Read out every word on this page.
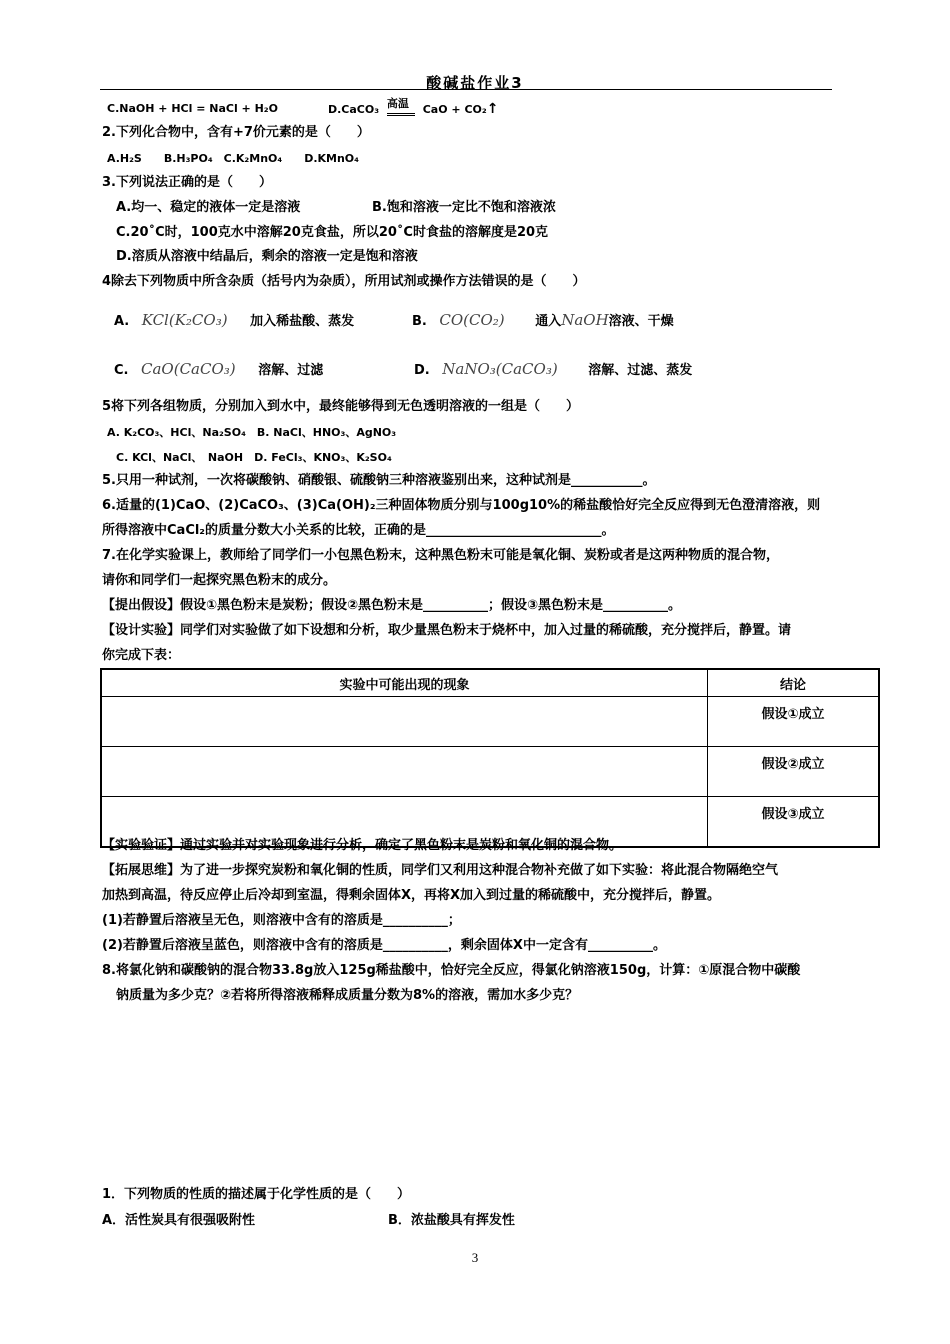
酸碱盐作业3
C.NaOH + HCl = NaCl + H₂O	D.CaCO₃ 高温 CaO + CO₂↑
2.下列化合物中，含有+7价元素的是（　　）
A.H₂S　　B.H₃PO₄　C.K₂MnO₄　　D.KMnO₄
3.下列说法正确的是（　　）
A.均一、稳定的液体一定是溶液	B.饱和溶液一定比不饱和溶液浓
C.20˚C时，100克水中溶解20克食盐，所以20˚C时食盐的溶解度是20克
D.溶质从溶液中结晶后，剩余的溶液一定是饱和溶液
4除去下列物质中所含杂质（括号内为杂质），所用试剂或操作方法错误的是（　　）
A. KCl(K₂CO₃) 加入稀盐酸、蒸发	B. CO(CO₂) 通入NaOH溶液、干燥
C. CaO(CaCO₃) 溶解、过滤	D. NaNO₃(CaCO₃) 溶解、过滤、蒸发
5将下列各组物质，分别加入到水中，最终能够得到无色透明溶液的一组是（　　）
A. K₂CO₃、HCl、Na₂SO₄　B. NaCl、HNO₃、AgNO₃
C. KCl、NaCl、　NaOH　D. FeCl₃、KNO₃、K₂SO₄
5.只用一种试剂，一次将碳酸钠、硝酸银、硫酸钠三种溶液鉴别出来，这种试剂是___________。
6.适量的(1)CaO、(2)CaCO₃、(3)Ca(OH)₂三种固体物质分别与100g10%的稀盐酸恰好完全反应得到无色澄清溶液，则
所得溶液中CaCl₂的质量分数大小关系的比较，正确的是___________________________。
7.在化学实验课上，教师给了同学们一小包黑色粉末，这种黑色粉末可能是氧化铜、炭粉或者是这两种物质的混合物，
请你和同学们一起探究黑色粉末的成分。
【提出假设】假设①黑色粉末是炭粉；假设②黑色粉末是__________；假设③黑色粉末是__________。
【设计实验】同学们对实验做了如下设想和分析，取少量黑色粉末于烧杯中，加入过量的稀硫酸，充分搅拌后，静置。请
你完成下表：
实验中可能出现的现象	结论
	假设①成立
	假设②成立
	假设③成立
【实验验证】通过实验并对实验现象进行分析，确定了黑色粉末是炭粉和氧化铜的混合物。
【拓展思维】为了进一步探究炭粉和氧化铜的性质，同学们又利用这种混合物补充做了如下实验：将此混合物隔绝空气
加热到高温，待反应停止后冷却到室温，得剩余固体X，再将X加入到过量的稀硫酸中，充分搅拌后，静置。
(1)若静置后溶液呈无色，则溶液中含有的溶质是__________；
(2)若静置后溶液呈蓝色，则溶液中含有的溶质是__________，剩余固体X中一定含有__________。
8.将氯化钠和碳酸钠的混合物33.8g放入125g稀盐酸中，恰好完全反应，得氯化钠溶液150g，计算：①原混合物中碳酸
钠质量为多少克？②若将所得溶液稀释成质量分数为8%的溶液，需加水多少克？
1．下列物质的性质的描述属于化学性质的是（　　）
A．活性炭具有很强吸附性	B．浓盐酸具有挥发性
3
